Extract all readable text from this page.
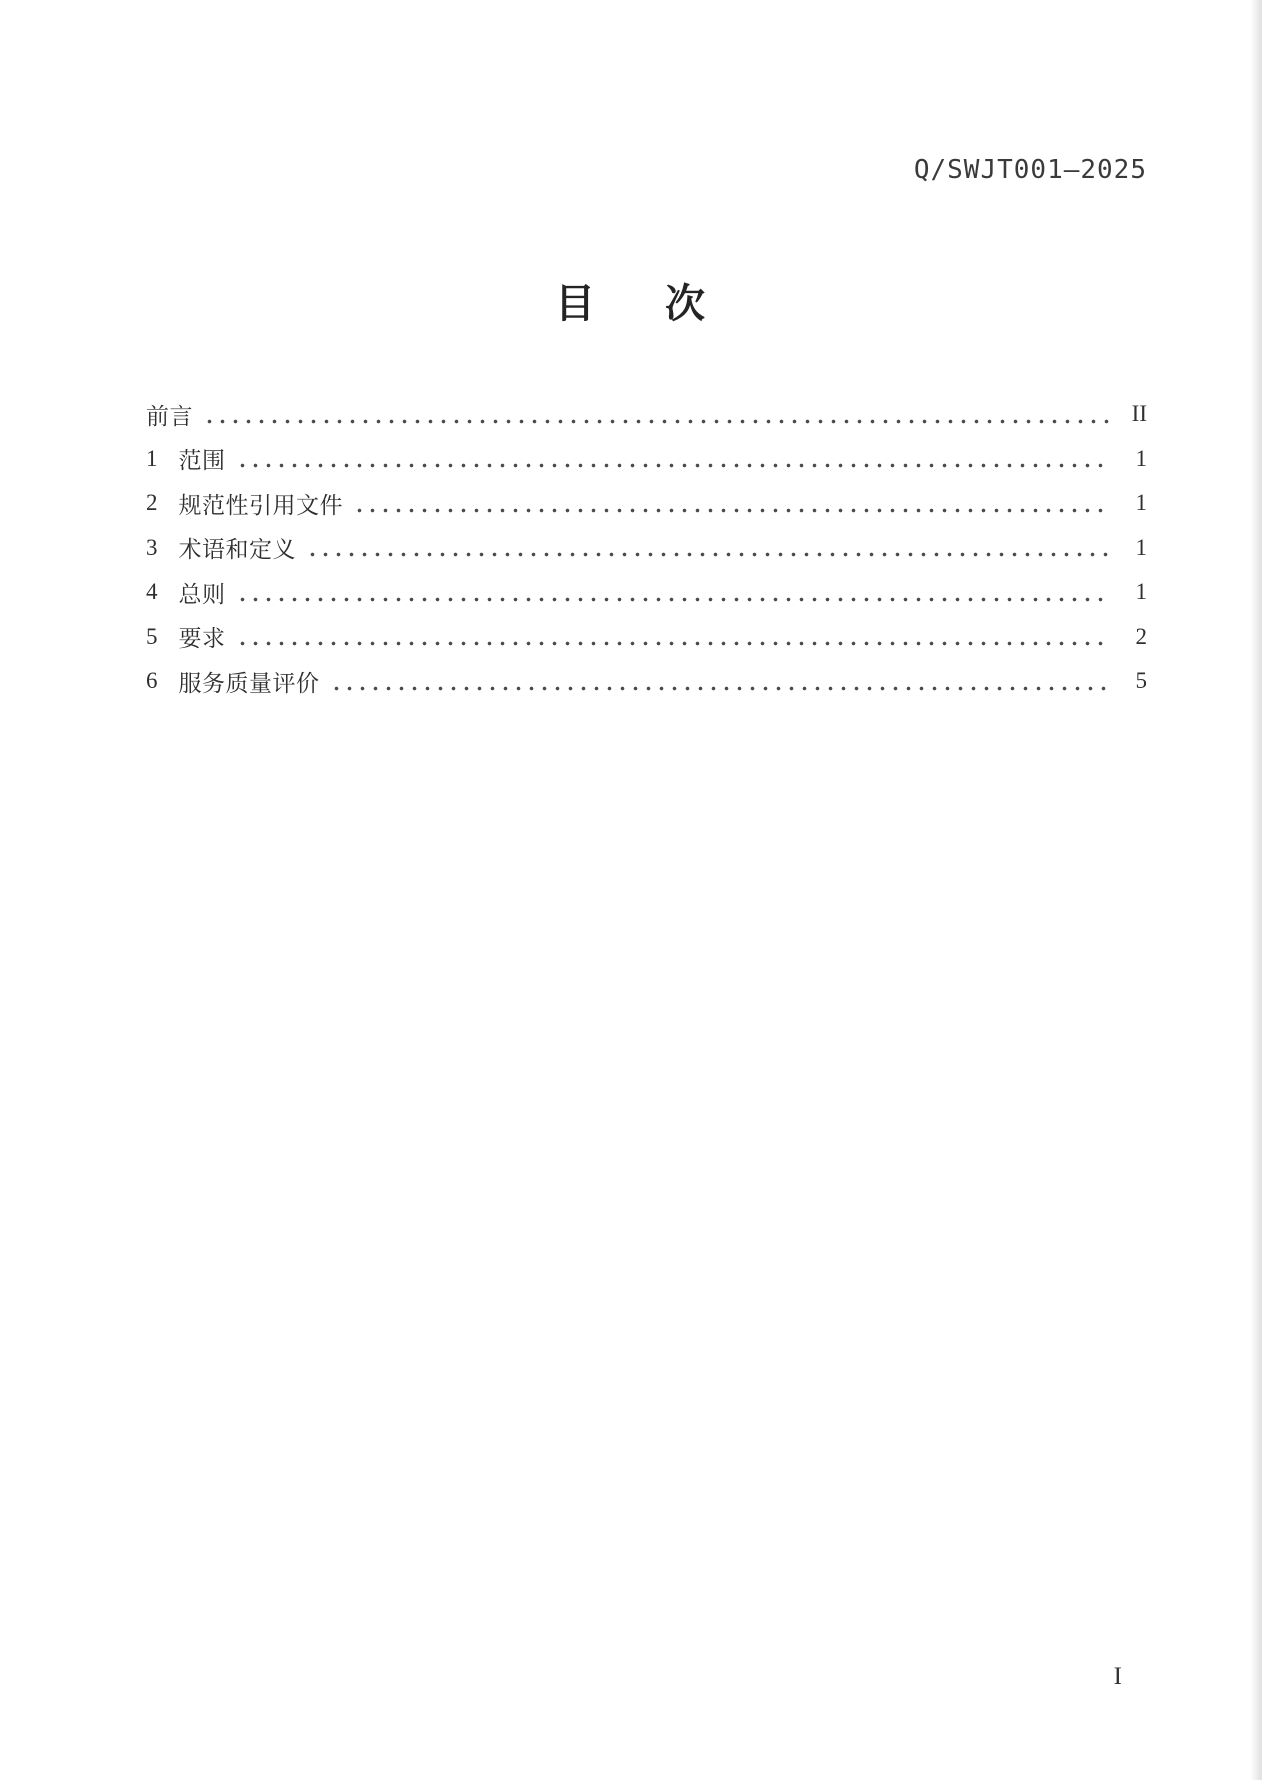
Q/SWJT001—2025
目 次
前言	II
1 范围	1
2 规范性引用文件	1
3 术语和定义	1
4 总则	1
5 要求	2
6 服务质量评价	5
I
